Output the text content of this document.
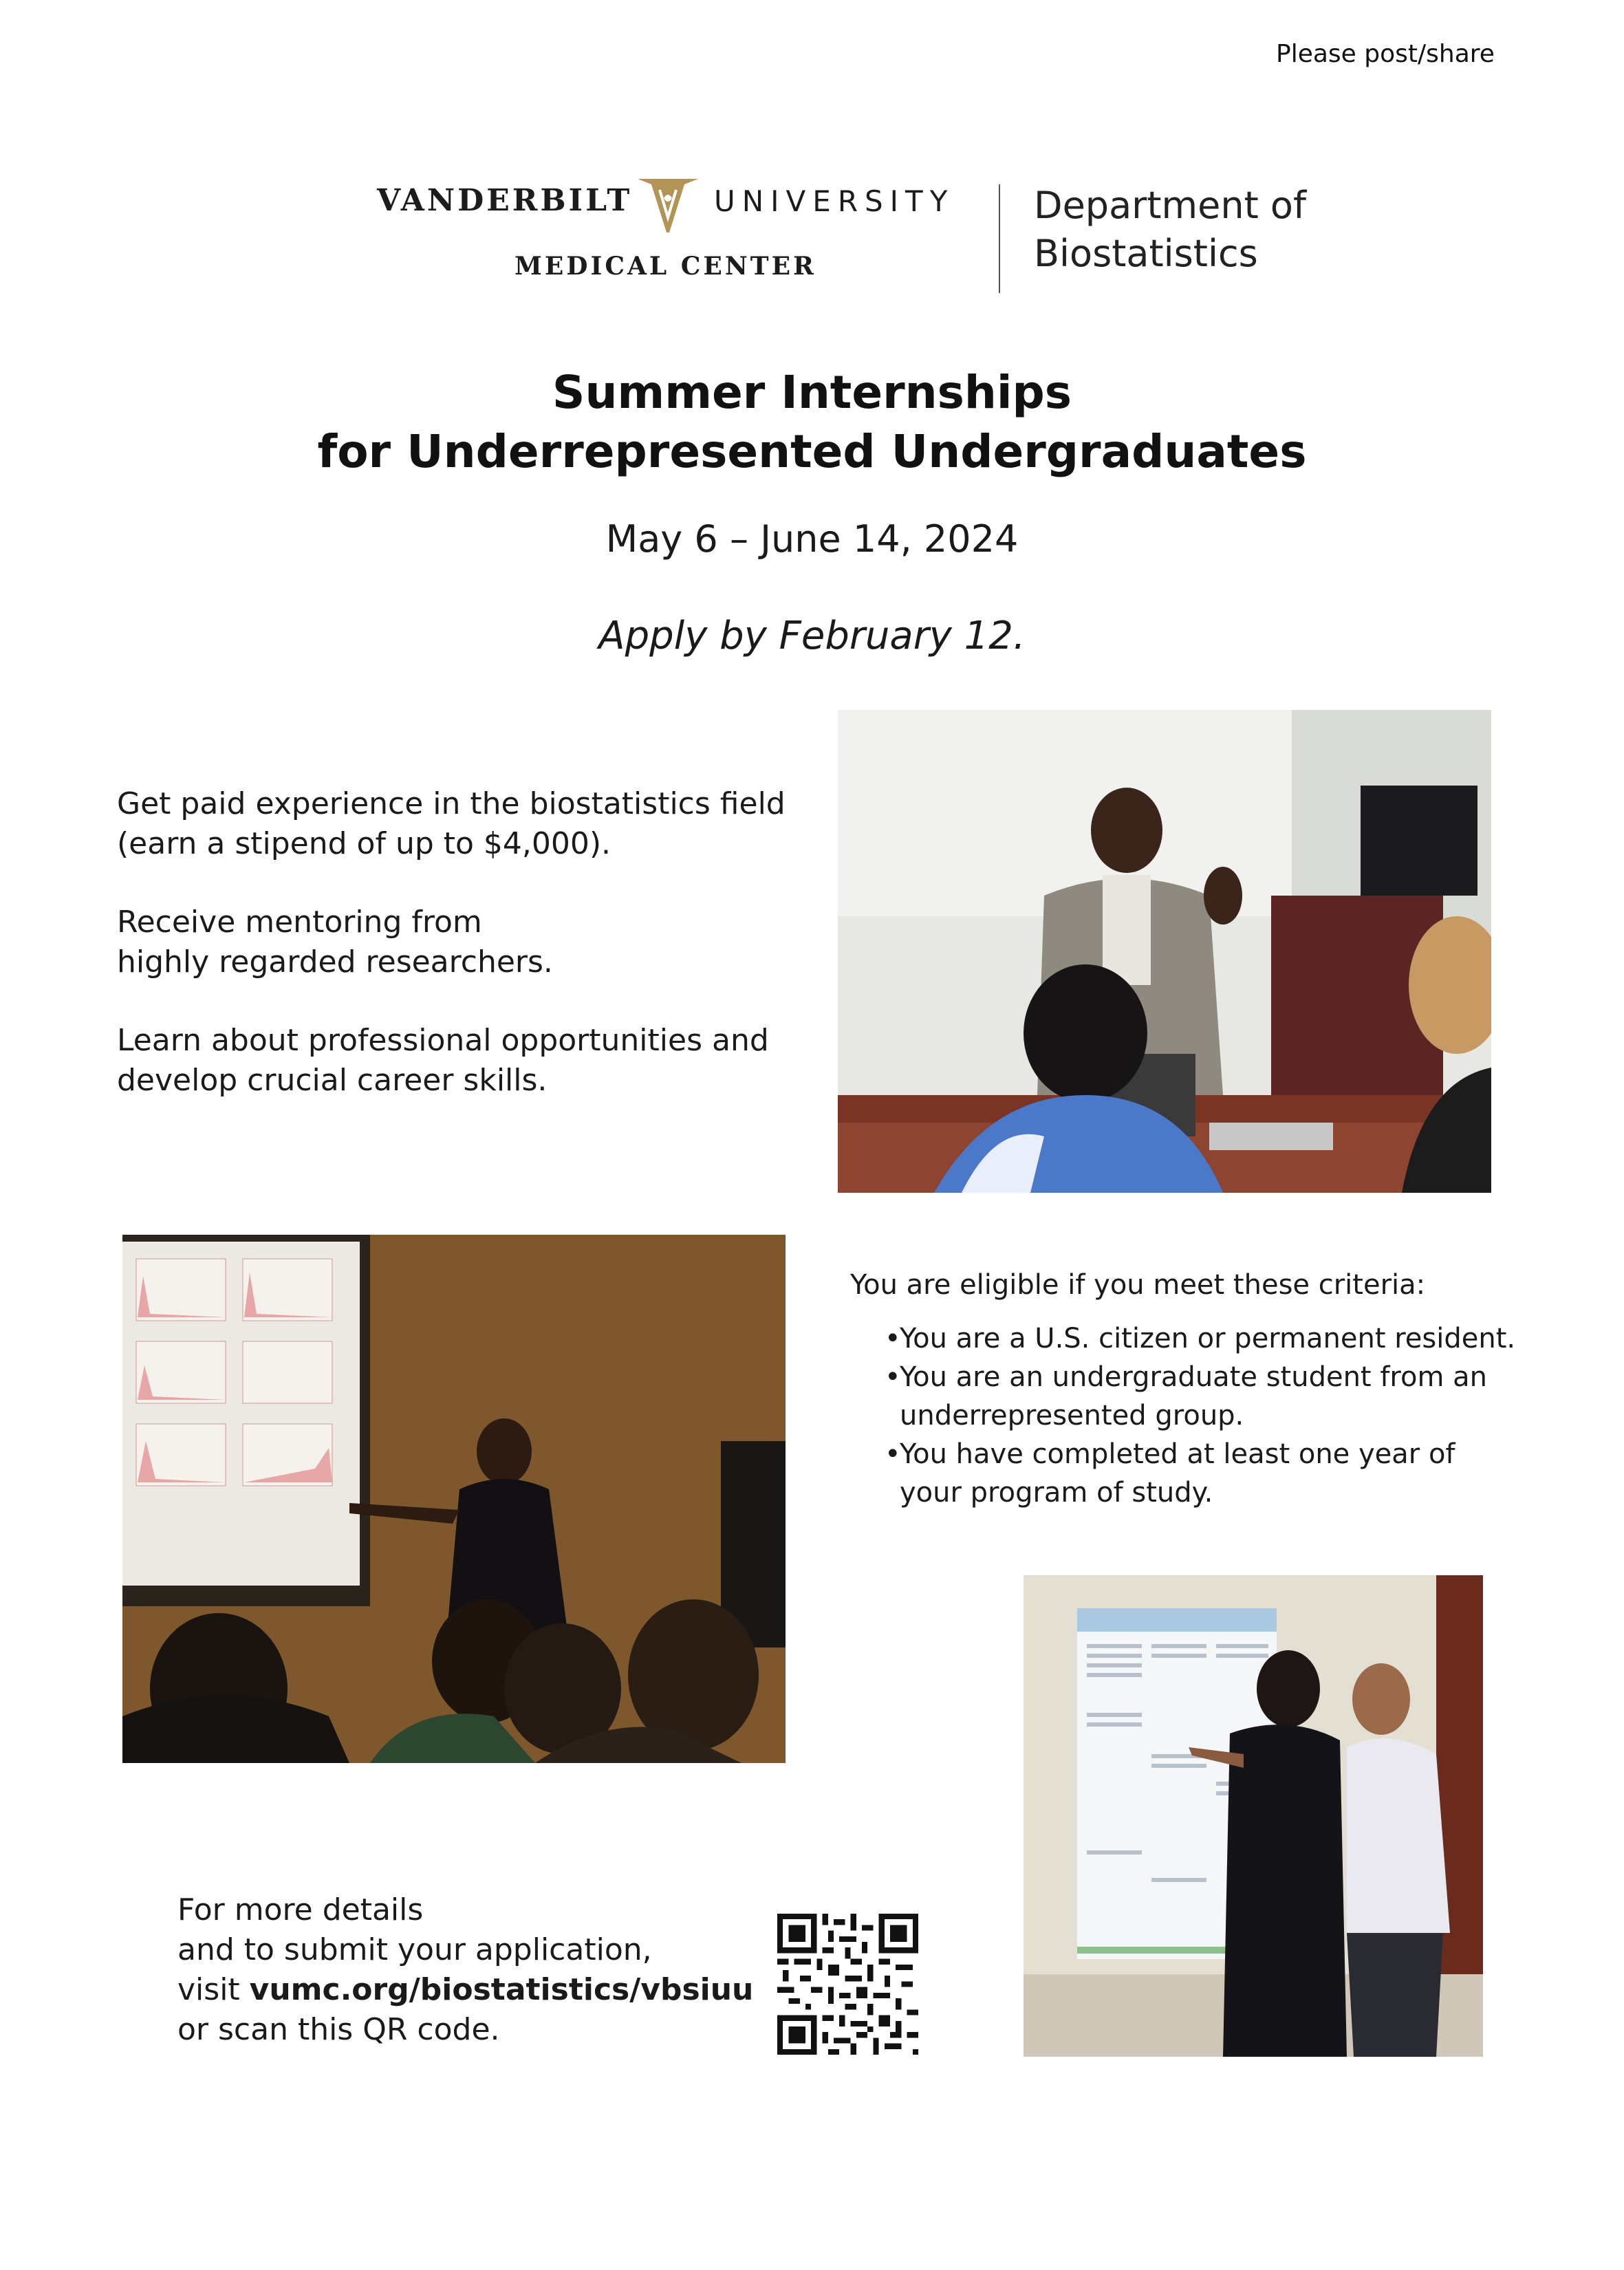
Please post/share
VANDERBILT	UNIVERSITY
MEDICAL CENTER
Department of
Biostatistics
Summer Internships
for Underrepresented Undergraduates
May 6 – June 14, 2024
Apply by February 12.

Get paid experience in the biostatistics field
(earn a stipend of up to $4,000).

Receive mentoring from
highly regarded researchers.

Learn about professional opportunities and
develop crucial career skills.

You are eligible if you meet these criteria:

• You are a U.S. citizen or permanent resident.
• You are an undergraduate student from an
underrepresented group.
• You have completed at least one year of
your program of study.
For more details
and to submit your application,
visit vumc.org/biostatistics/vbsiuu
or scan this QR code.
